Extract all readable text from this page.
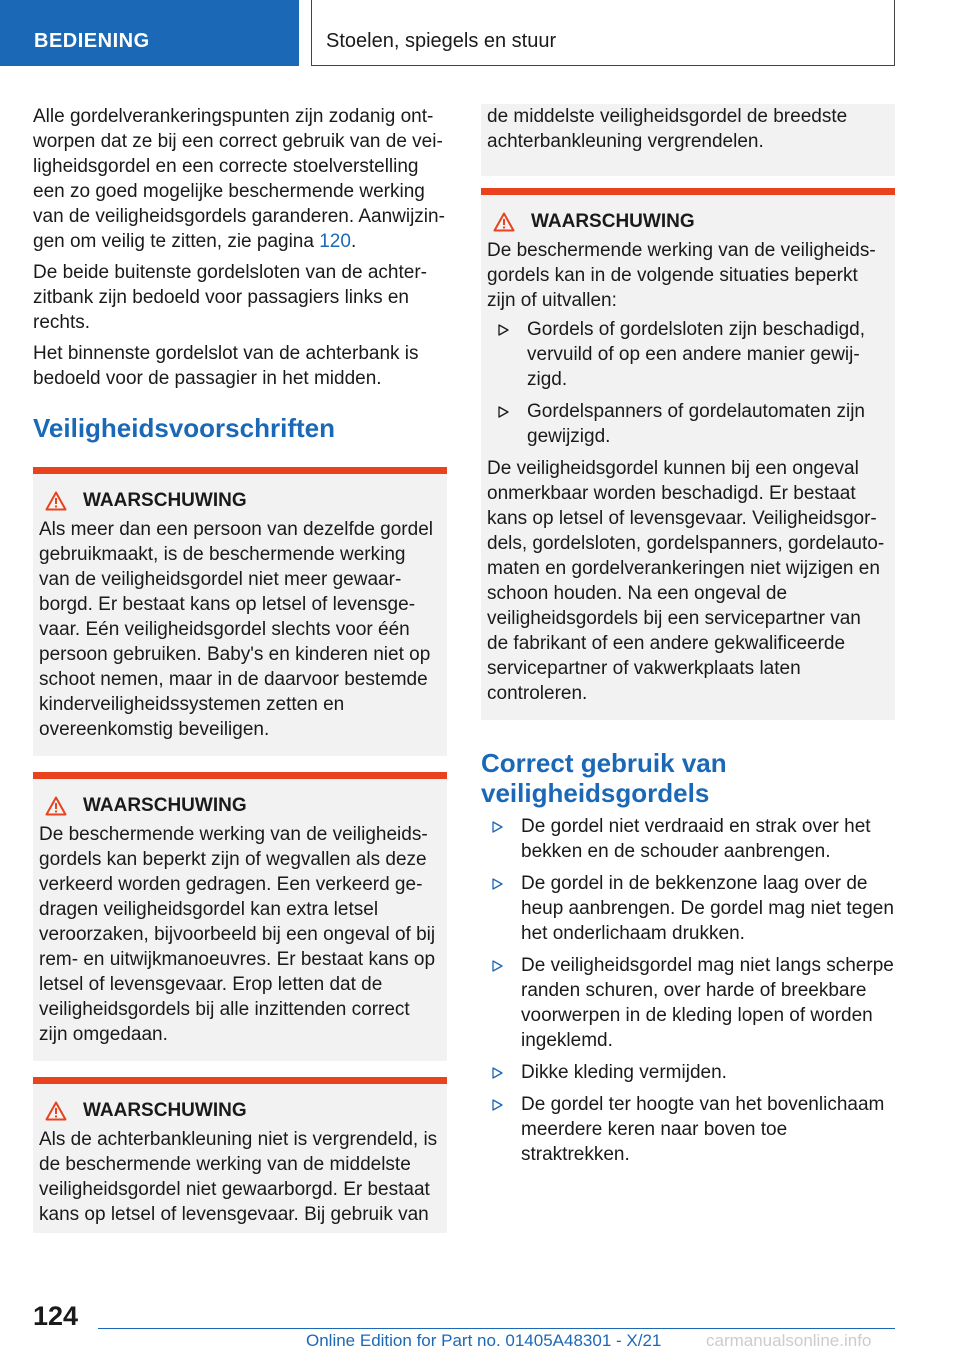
BEDIENING	Stoelen, spiegels en stuur

Alle gordelverankeringspunten zijn zodanig ontworpen dat ze bij een correct gebruik van de veiligheidsgordel en een correcte stoelverstelling een zo goed mogelijke beschermende werking van de veiligheidsgordels garanderen. Aanwijzingen om veilig te zitten, zie pagina 120.

De beide buitenste gordelsloten van de achterzitbank zijn bedoeld voor passagiers links en rechts.

Het binnenste gordelslot van de achterbank is bedoeld voor de passagier in het midden.

Veiligheidsvoorschriften
WAARSCHUWING

Als meer dan een persoon van dezelfde gordel gebruikmaakt, is de beschermende werking van de veiligheidsgordel niet meer gewaarborgd. Er bestaat kans op letsel of levensgevaar. Eén veiligheidsgordel slechts voor één persoon gebruiken. Baby's en kinderen niet op schoot nemen, maar in de daarvoor bestemde kinderveiligheidssystemen zetten en overeenkomstig beveiligen.

WAARSCHUWING

De beschermende werking van de veiligheidsgordels kan beperkt zijn of wegvallen als deze verkeerd worden gedragen. Een verkeerd gedragen veiligheidsgordel kan extra letsel veroorzaken, bijvoorbeeld bij een ongeval of bij rem- en uitwijkmanoeuvres. Er bestaat kans op letsel of levensgevaar. Erop letten dat de veiligheidsgordels bij alle inzittenden correct zijn omgedaan.

WAARSCHUWING

Als de achterbankleuning niet is vergrendeld, is de beschermende werking van de middelste veiligheidsgordel niet gewaarborgd. Er bestaat kans op letsel of levensgevaar. Bij gebruik van

de middelste veiligheidsgordel de breedste achterbankleuning vergrendelen.

WAARSCHUWING

De beschermende werking van de veiligheidsgordels kan in de volgende situaties beperkt zijn of uitvallen:

Gordels of gordelsloten zijn beschadigd, vervuild of op een andere manier gewijzigd.
Gordelspanners of gordelautomaten zijn gewijzigd.

De veiligheidsgordel kunnen bij een ongeval onmerkbaar worden beschadigd. Er bestaat kans op letsel of levensgevaar. Veiligheidsgordels, gordelsloten, gordelspanners, gordelautomaten en gordelverankeringen niet wijzigen en schoon houden. Na een ongeval de veiligheidsgordels bij een servicepartner van de fabrikant of een andere gekwalificeerde servicepartner of vakwerkplaats laten controleren.

Correct gebruik van veiligheidsgordels
De gordel niet verdraaid en strak over het bekken en de schouder aanbrengen.
De gordel in de bekkenzone laag over de heup aanbrengen. De gordel mag niet tegen het onderlichaam drukken.
De veiligheidsgordel mag niet langs scherpe randen schuren, over harde of breekbare voorwerpen in de kleding lopen of worden ingeklemd.
Dikke kleding vermijden.
De gordel ter hoogte van het bovenlichaam meerdere keren naar boven toe straktrekken.
124
Online Edition for Part no. 01405A48301 - X/21	carmanualsonline.info
